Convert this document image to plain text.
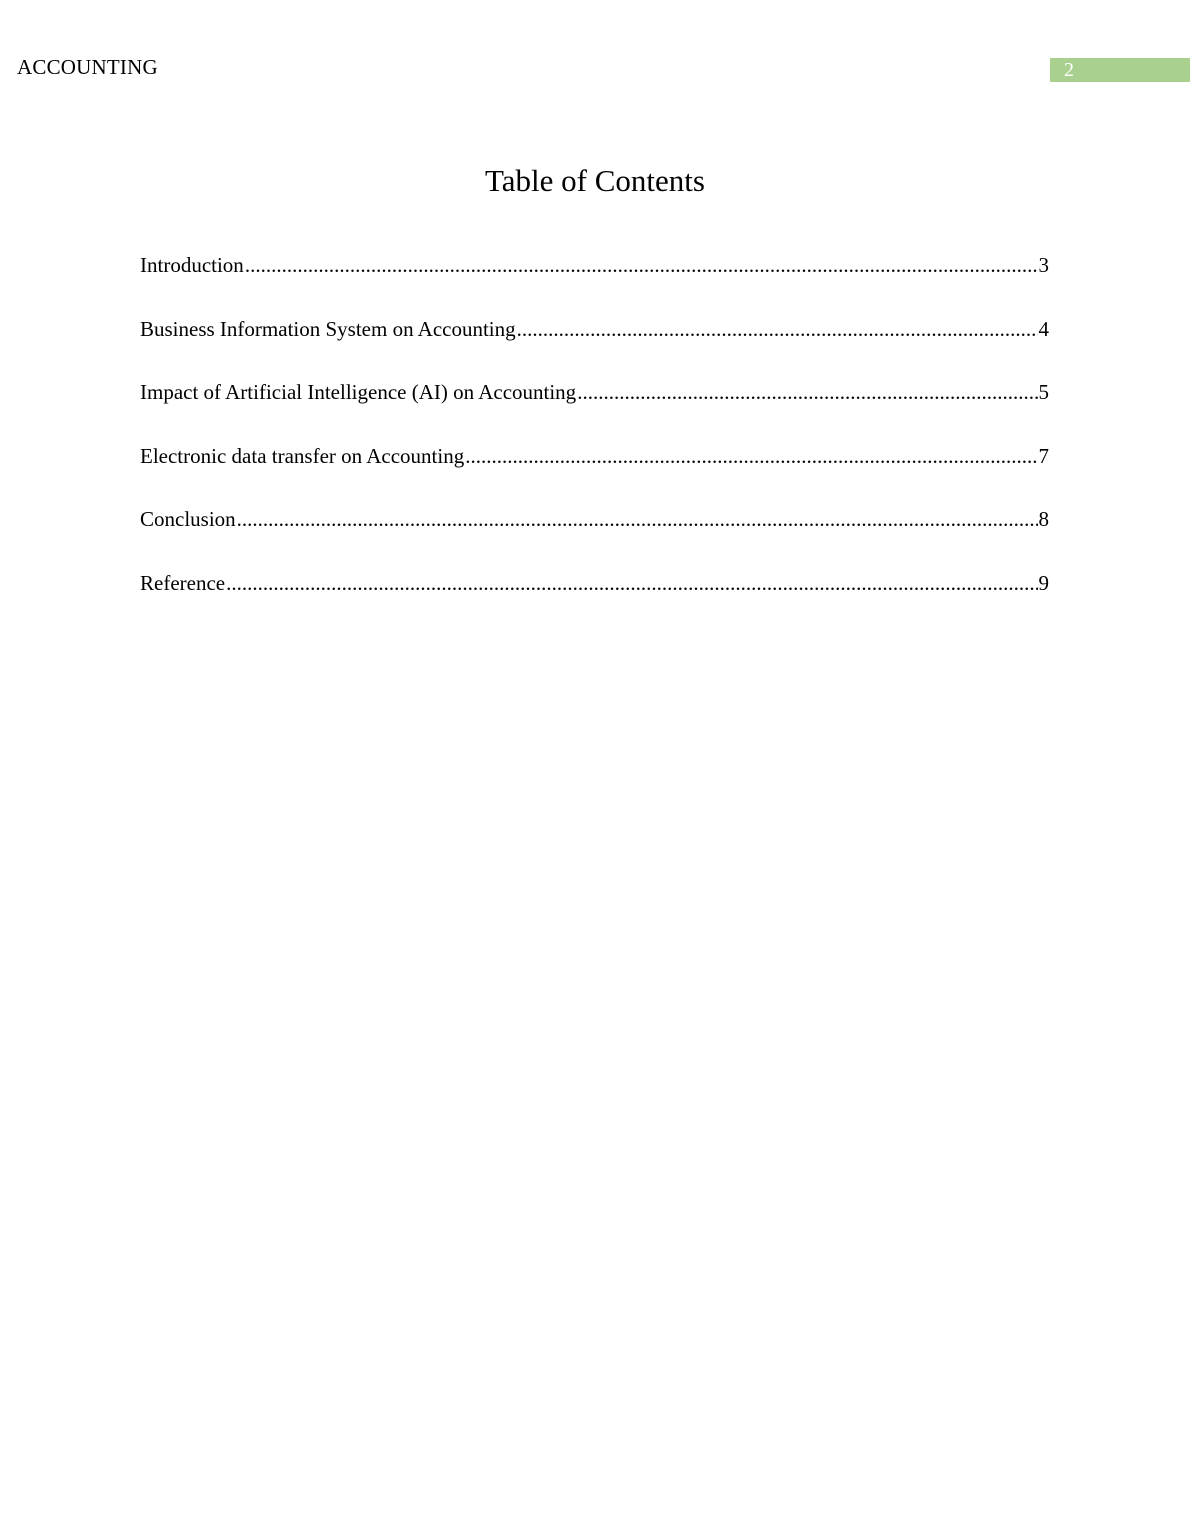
ACCOUNTING	2
Table of Contents
Introduction .....	3
Business Information System on Accounting .....	4
Impact of Artificial Intelligence (AI) on Accounting .....	5
Electronic data transfer on Accounting .....	7
Conclusion .....	8
Reference .....	9
